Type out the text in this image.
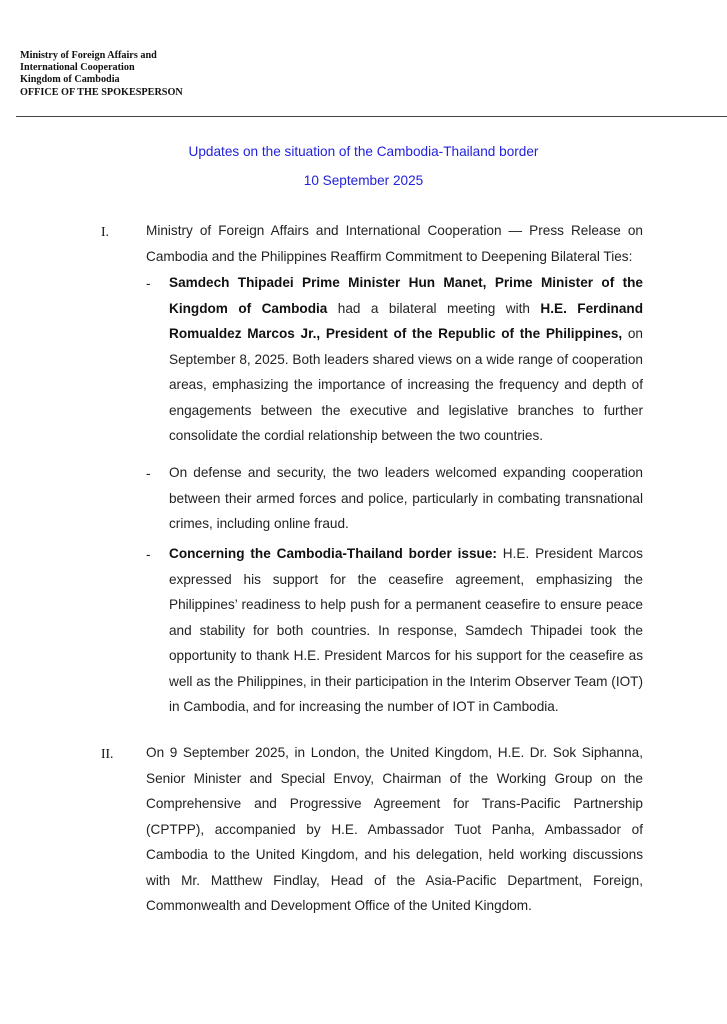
Ministry of Foreign Affairs and
International Cooperation
Kingdom of Cambodia
OFFICE OF THE SPOKESPERSON
Updates on the situation of the Cambodia-Thailand border
10 September 2025
I.	Ministry of Foreign Affairs and International Cooperation — Press Release on Cambodia and the Philippines Reaffirm Commitment to Deepening Bilateral Ties:
- Samdech Thipadei Prime Minister Hun Manet, Prime Minister of the Kingdom of Cambodia had a bilateral meeting with H.E. Ferdinand Romualdez Marcos Jr., President of the Republic of the Philippines, on September 8, 2025. Both leaders shared views on a wide range of cooperation areas, emphasizing the importance of increasing the frequency and depth of engagements between the executive and legislative branches to further consolidate the cordial relationship between the two countries.
- On defense and security, the two leaders welcomed expanding cooperation between their armed forces and police, particularly in combating transnational crimes, including online fraud.
- Concerning the Cambodia-Thailand border issue: H.E. President Marcos expressed his support for the ceasefire agreement, emphasizing the Philippines’ readiness to help push for a permanent ceasefire to ensure peace and stability for both countries. In response, Samdech Thipadei took the opportunity to thank H.E. President Marcos for his support for the ceasefire as well as the Philippines, in their participation in the Interim Observer Team (IOT) in Cambodia, and for increasing the number of IOT in Cambodia.
II. On 9 September 2025, in London, the United Kingdom, H.E. Dr. Sok Siphanna, Senior Minister and Special Envoy, Chairman of the Working Group on the Comprehensive and Progressive Agreement for Trans-Pacific Partnership (CPTPP), accompanied by H.E. Ambassador Tuot Panha, Ambassador of Cambodia to the United Kingdom, and his delegation, held working discussions with Mr. Matthew Findlay, Head of the Asia-Pacific Department, Foreign, Commonwealth and Development Office of the United Kingdom.
